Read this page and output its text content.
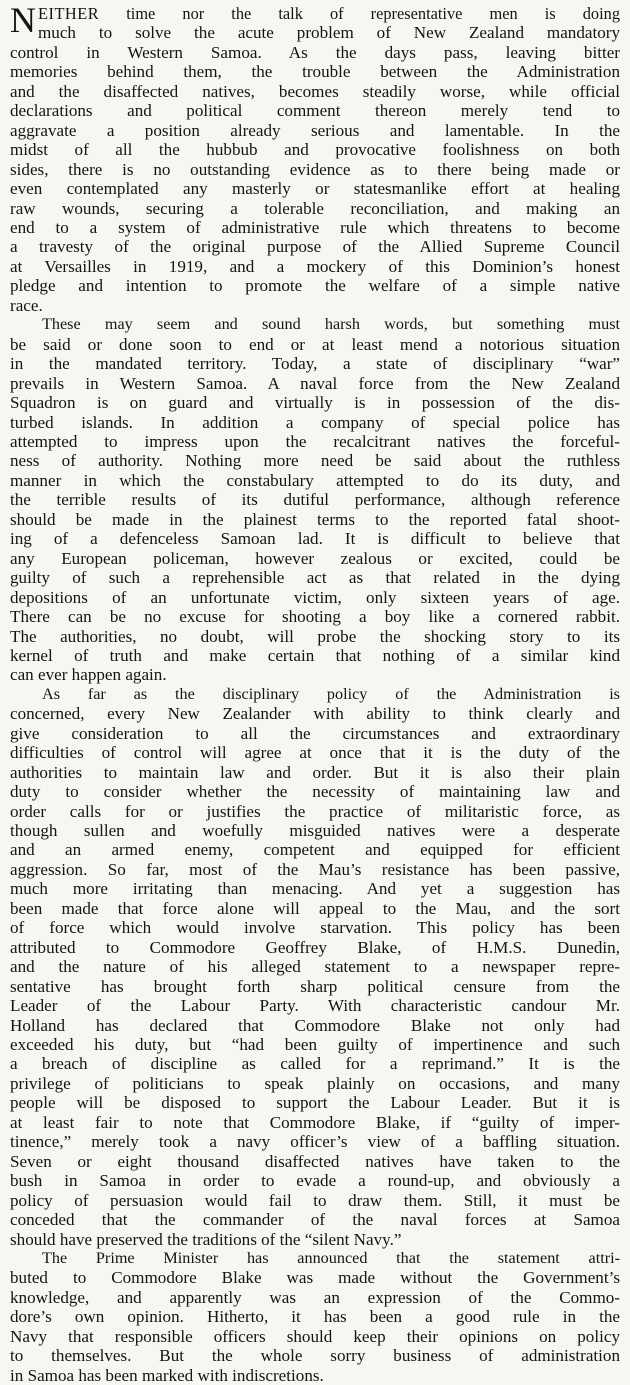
N EITHER time nor the talk of representative men is doing
much to solve the acute problem of New Zealand mandatory
control in Western Samoa. As the days pass, leaving bitter
memories behind them, the trouble between the Administration
and the disaffected natives, becomes steadily worse, while official
declarations and political comment thereon merely tend to
aggravate a position already serious and lamentable. In the
midst of all the hubbub and provocative foolishness on both
sides, there is no outstanding evidence as to there being made or
even contemplated any masterly or statesmanlike effort at healing
raw wounds, securing a tolerable reconciliation, and making an
end to a system of administrative rule which threatens to become
a travesty of the original purpose of the Allied Supreme Council
at Versailles in 1919, and a mockery of this Dominion’s honest
pledge and intention to promote the welfare of a simple native
race.

These may seem and sound harsh words, but something must
be said or done soon to end or at least mend a notorious situation
in the mandated territory. Today, a state of disciplinary “war”
prevails in Western Samoa. A naval force from the New Zealand
Squadron is on guard and virtually is in possession of the dis-
turbed islands. In addition a company of special police has
attempted to impress upon the recalcitrant natives the forceful-
ness of authority. Nothing more need be said about the ruthless
manner in which the constabulary attempted to do its duty, and
the terrible results of its dutiful performance, although reference
should be made in the plainest terms to the reported fatal shoot-
ing of a defenceless Samoan lad. It is difficult to believe that
any European policeman, however zealous or excited, could be
guilty of such a reprehensible act as that related in the dying
depositions of an unfortunate victim, only sixteen years of age.
There can be no excuse for shooting a boy like a cornered rabbit.
The authorities, no doubt, will probe the shocking story to its
kernel of truth and make certain that nothing of a similar kind
can ever happen again.

As far as the disciplinary policy of the Administration is
concerned, every New Zealander with ability to think clearly and
give consideration to all the circumstances and extraordinary
difficulties of control will agree at once that it is the duty of the
authorities to maintain law and order. But it is also their plain
duty to consider whether the necessity of maintaining law and
order calls for or justifies the practice of militaristic force, as
though sullen and woefully misguided natives were a desperate
and an armed enemy, competent and equipped for efficient
aggression. So far, most of the Mau’s resistance has been passive,
much more irritating than menacing. And yet a suggestion has
been made that force alone will appeal to the Mau, and the sort
of force which would involve starvation. This policy has been
attributed to Commodore Geoffrey Blake, of H.M.S. Dunedin,
and the nature of his alleged statement to a newspaper repre-
sentative has brought forth sharp political censure from the
Leader of the Labour Party. With characteristic candour Mr.
Holland has declared that Commodore Blake not only had
exceeded his duty, but “had been guilty of impertinence and such
a breach of discipline as called for a reprimand.” It is the
privilege of politicians to speak plainly on occasions, and many
people will be disposed to support the Labour Leader. But it is
at least fair to note that Commodore Blake, if “guilty of imper-
tinence,” merely took a navy officer’s view of a baffling situation.
Seven or eight thousand disaffected natives have taken to the
bush in Samoa in order to evade a round-up, and obviously a
policy of persuasion would fail to draw them. Still, it must be
conceded that the commander of the naval forces at Samoa
should have preserved the traditions of the “silent Navy.”

The Prime Minister has announced that the statement attri-
buted to Commodore Blake was made without the Government’s
knowledge, and apparently was an expression of the Commo-
dore’s own opinion. Hitherto, it has been a good rule in the
Navy that responsible officers should keep their opinions on policy
to themselves. But the whole sorry business of administration
in Samoa has been marked with indiscretions.
